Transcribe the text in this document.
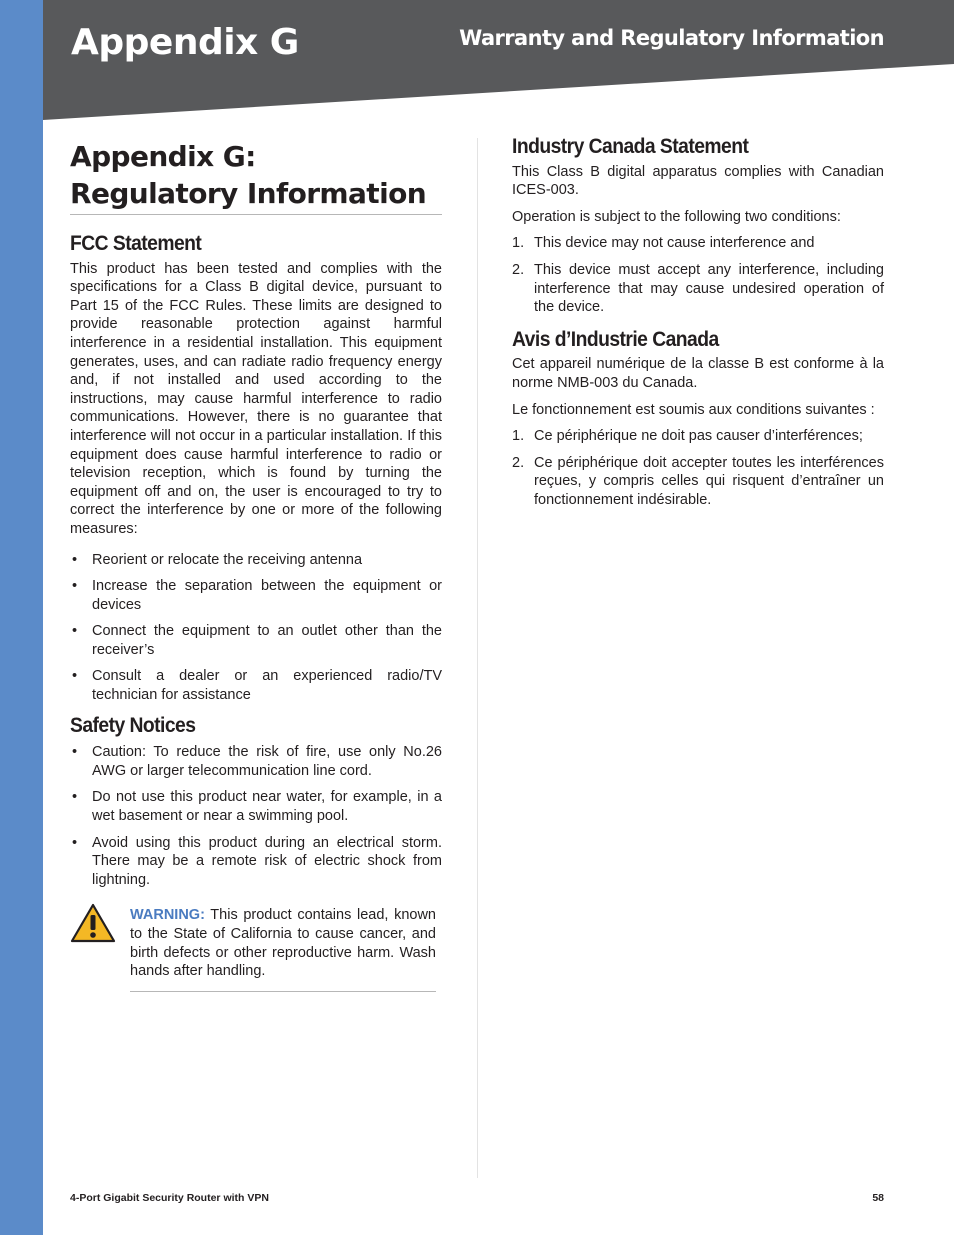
Appendix G	Warranty and Regulatory Information
Appendix G:
Regulatory Information
FCC Statement

This product has been tested and complies with the specifications for a Class B digital device, pursuant to Part 15 of the FCC Rules. These limits are designed to provide reasonable protection against harmful interference in a residential installation. This equipment generates, uses, and can radiate radio frequency energy and, if not installed and used according to the instructions, may cause harmful interference to radio communications. However, there is no guarantee that interference will not occur in a particular installation. If this equipment does cause harmful interference to radio or television reception, which is found by turning the equipment off and on, the user is encouraged to try to correct the interference by one or more of the following measures:

• Reorient or relocate the receiving antenna
• Increase the separation between the equipment or devices
• Connect the equipment to an outlet other than the receiver’s
• Consult a dealer or an experienced radio/TV technician for assistance
Safety Notices
• Caution: To reduce the risk of fire, use only No.26 AWG or larger telecommunication line cord.
• Do not use this product near water, for example, in a wet basement or near a swimming pool.
• Avoid using this product during an electrical storm. There may be a remote risk of electric shock from lightning.
WARNING: This product contains lead, known to the State of California to cause cancer, and birth defects or other reproductive harm. Wash hands after handling.
Industry Canada Statement

This Class B digital apparatus complies with Canadian ICES-003.

Operation is subject to the following two conditions:

1. This device may not cause interference and
2. This device must accept any interference, including interference that may cause undesired operation of the device.
Avis d’Industrie Canada

Cet appareil numérique de la classe B est conforme à la norme NMB-003 du Canada.

Le fonctionnement est soumis aux conditions suivantes :

1. Ce périphérique ne doit pas causer d’interférences;
2. Ce périphérique doit accepter toutes les interférences reçues, y compris celles qui risquent d’entraîner un fonctionnement indésirable.
4-Port Gigabit Security Router with VPN	58
